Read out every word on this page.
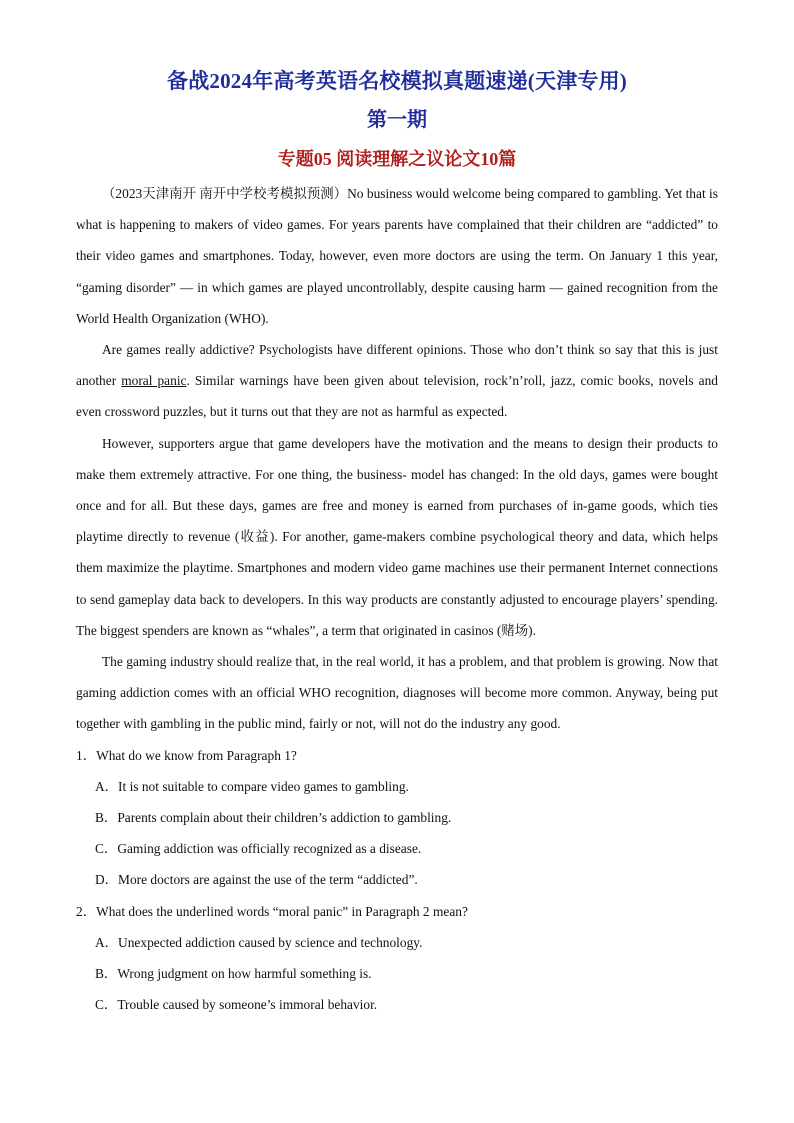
备战2024年高考英语名校模拟真题速递(天津专用)
第一期
专题05 阅读理解之议论文10篇

（2023天津南开 南开中学校考模拟预测）No business would welcome being compared to gambling. Yet that is what is happening to makers of video games. For years parents have complained that their children are “addicted” to their video games and smartphones. Today, however, even more doctors are using the term. On January 1 this year, “gaming disorder” — in which games are played uncontrollably, despite causing harm — gained recognition from the World Health Organization (WHO).

Are games really addictive? Psychologists have different opinions. Those who don’t think so say that this is just another moral panic. Similar warnings have been given about television, rock’n’roll, jazz, comic books, novels and even crossword puzzles, but it turns out that they are not as harmful as expected.

However, supporters argue that game developers have the motivation and the means to design their products to make them extremely attractive. For one thing, the business- model has changed: In the old days, games were bought once and for all. But these days, games are free and money is earned from purchases of in-game goods, which ties playtime directly to revenue (收益). For another, game-makers combine psychological theory and data, which helps them maximize the playtime. Smartphones and modern video game machines use their permanent Internet connections to send gameplay data back to developers. In this way products are constantly adjusted to encourage players’ spending. The biggest spenders are known as “whales”, a term that originated in casinos (赌场).

The gaming industry should realize that, in the real world, it has a problem, and that problem is growing. Now that gaming addiction comes with an official WHO recognition, diagnoses will become more common. Anyway, being put together with gambling in the public mind, fairly or not, will not do the industry any good.

1．What do we know from Paragraph 1?

A．It is not suitable to compare video games to gambling.

B．Parents complain about their children’s addiction to gambling.

C．Gaming addiction was officially recognized as a disease.

D．More doctors are against the use of the term “addicted”.

2．What does the underlined words “moral panic” in Paragraph 2 mean?

A．Unexpected addiction caused by science and technology.

B．Wrong judgment on how harmful something is.

C．Trouble caused by someone’s immoral behavior.
